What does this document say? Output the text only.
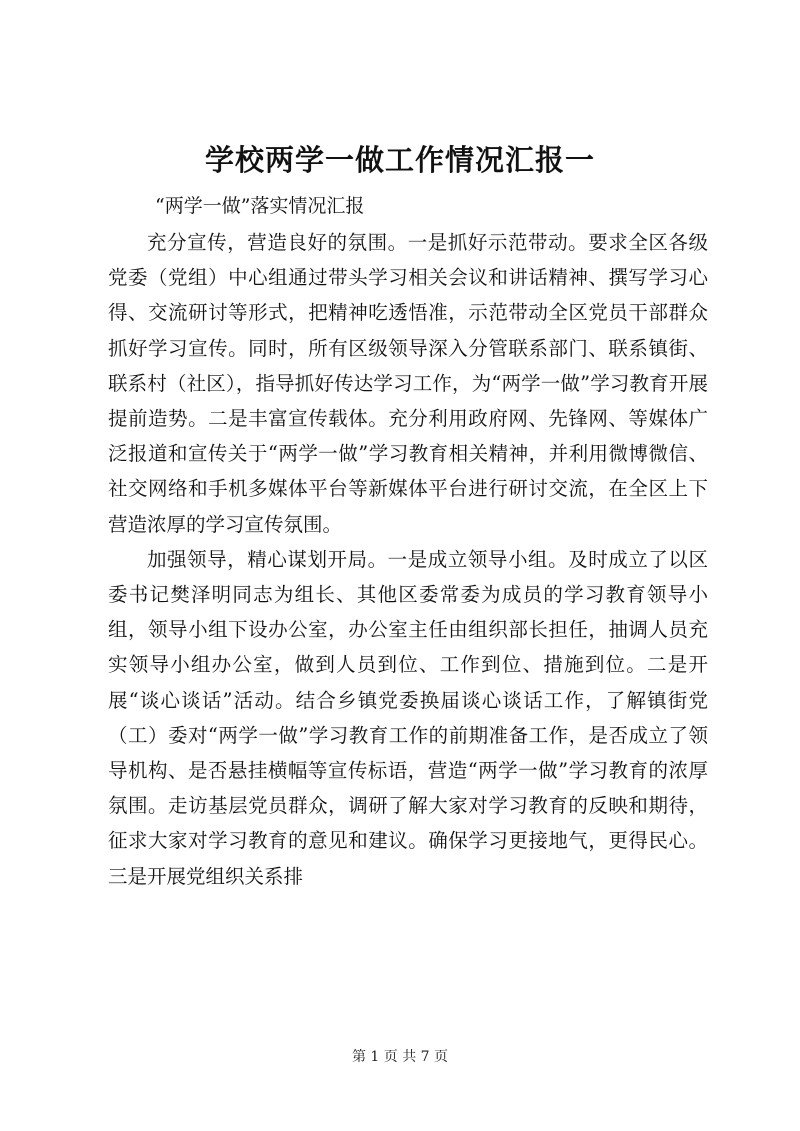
学校两学一做工作情况汇报一

“两学一做”落实情况汇报

充分宣传，营造良好的氛围。一是抓好示范带动。要求全区各级党委（党组）中心组通过带头学习相关会议和讲话精神、撰写学习心得、交流研讨等形式，把精神吃透悟准，示范带动全区党员干部群众抓好学习宣传。同时，所有区级领导深入分管联系部门、联系镇街、联系村（社区），指导抓好传达学习工作，为“两学一做”学习教育开展提前造势。二是丰富宣传载体。充分利用政府网、先锋网、等媒体广泛报道和宣传关于“两学一做”学习教育相关精神，并利用微博微信、社交网络和手机多媒体平台等新媒体平台进行研讨交流，在全区上下营造浓厚的学习宣传氛围。

加强领导，精心谋划开局。一是成立领导小组。及时成立了以区委书记樊泽明同志为组长、其他区委常委为成员的学习教育领导小组，领导小组下设办公室，办公室主任由组织部长担任，抽调人员充实领导小组办公室，做到人员到位、工作到位、措施到位。二是开展“谈心谈话”活动。结合乡镇党委换届谈心谈话工作，了解镇街党（工）委对“两学一做”学习教育工作的前期准备工作，是否成立了领导机构、是否悬挂横幅等宣传标语，营造“两学一做”学习教育的浓厚氛围。走访基层党员群众，调研了解大家对学习教育的反映和期待，征求大家对学习教育的意见和建议。确保学习更接地气，更得民心。三是开展党组织关系排

第 1 页 共 7 页
